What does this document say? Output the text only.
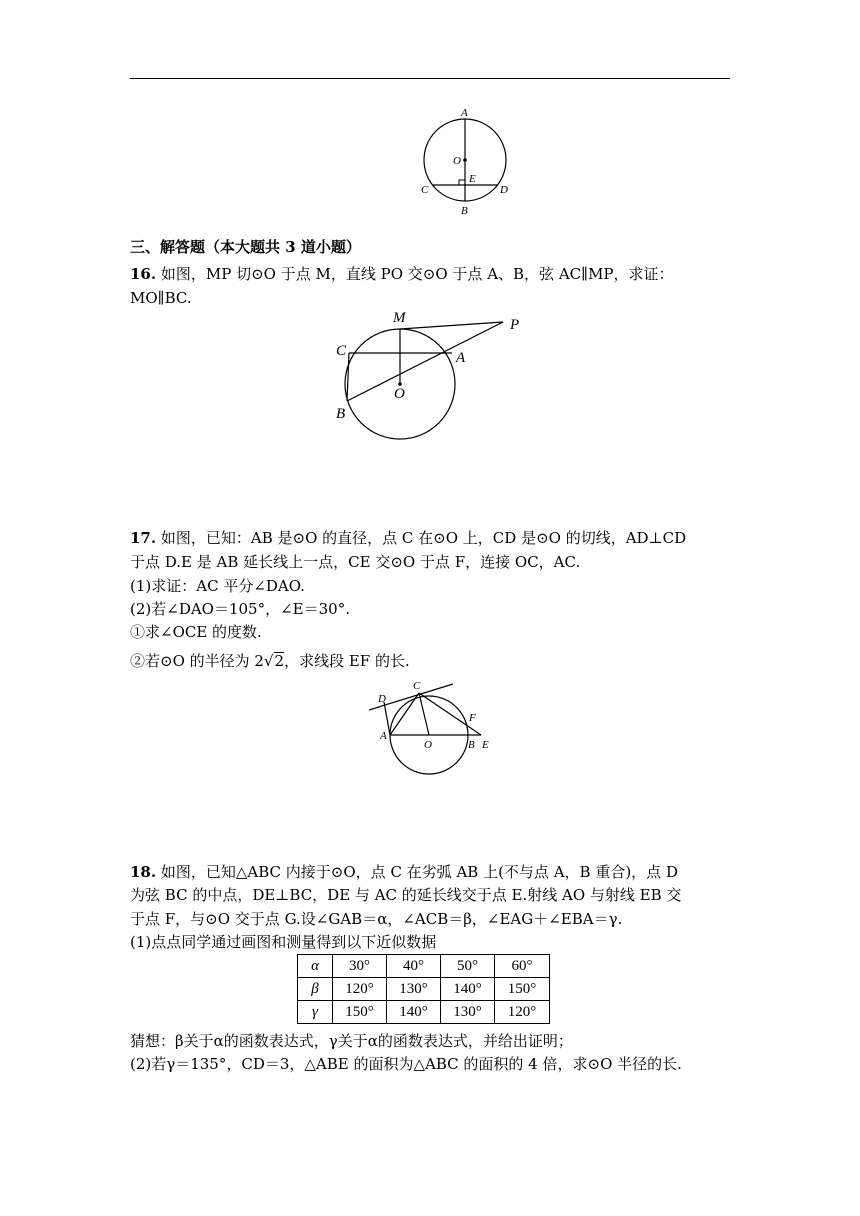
A
O
E
C	D
B
三、解答题（本大题共 3 道小题）
16. 如图，MP 切⊙O 于点 M，直线 PO 交⊙O 于点 A、B，弦 AC∥MP，求证：
MO∥BC.
M	P
C	A
O
B
17. 如图，已知：AB 是⊙O 的直径，点 C 在⊙O 上，CD 是⊙O 的切线，AD⊥CD
于点 D.E 是 AB 延长线上一点，CE 交⊙O 于点 F，连接 OC，AC.
(1)求证：AC 平分∠DAO.
(2)若∠DAO＝105°，∠E＝30°.
①求∠OCE 的度数.
②若⊙O 的半径为 2√2，求线段 EF 的长.
C
D
F
A
O	B E
18. 如图，已知△ABC 内接于⊙O，点 C 在劣弧 AB 上(不与点 A，B 重合)，点 D
为弦 BC 的中点，DE⊥BC，DE 与 AC 的延长线交于点 E.射线 AO 与射线 EB 交
于点 F，与⊙O 交于点 G.设∠GAB＝α，∠ACB＝β，∠EAG＋∠EBA＝γ.
(1)点点同学通过画图和测量得到以下近似数据
α	30°	40°	50°	60°
β	120°	130°	140°	150°
γ	150°	140°	130°	120°
猜想：β关于α的函数表达式，γ关于α的函数表达式，并给出证明；
(2)若γ＝135°，CD＝3，△ABE 的面积为△ABC 的面积的 4 倍，求⊙O 半径的长.
